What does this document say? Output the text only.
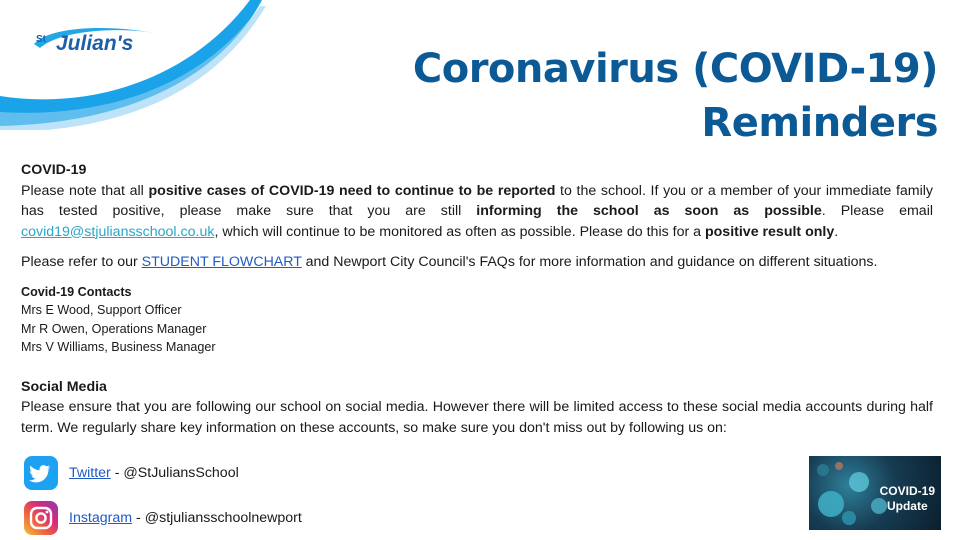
St Julian's
Coronavirus (COVID-19)
Reminders
COVID-19

Please note that all positive cases of COVID-19 need to continue to be reported to the school. If you or a member of your immediate family has tested positive, please make sure that you are still informing the school as soon as possible. Please email covid19@stjuliansschool.co.uk, which will continue to be monitored as often as possible. Please do this for a positive result only.

Please refer to our STUDENT FLOWCHART and Newport City Council's FAQs for more information and guidance on different situations.

Covid-19 Contacts
Mrs E Wood, Support Officer
Mr R Owen, Operations Manager
Mrs V Williams, Business Manager
Social Media

Please ensure that you are following our school on social media. However there will be limited access to these social media accounts during half term. We regularly share key information on these accounts, so make sure you don't miss out by following us on:

Twitter - @StJuliansSchool
Instagram - @stjuliansschoolnewport
COVID-19
Update
